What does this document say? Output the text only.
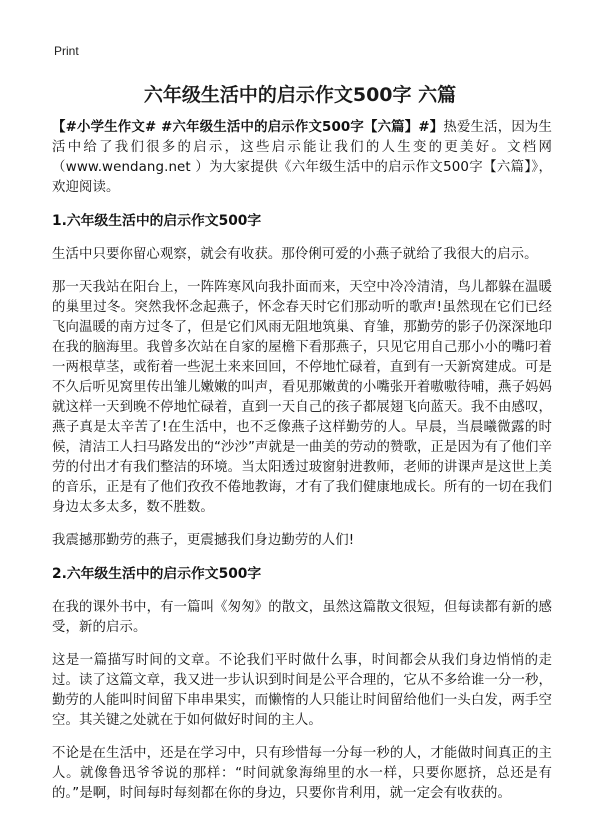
Print
六年级生活中的启示作文500字 六篇

【#小学生作文# #六年级生活中的启示作文500字【六篇】#】热爱生活，因为生活中给了我们很多的启示，这些启示能让我们的人生变的更美好。文档网（www.wendang.net ）为大家提供《六年级生活中的启示作文500字【六篇】》，欢迎阅读。

1.六年级生活中的启示作文500字

生活中只要你留心观察，就会有收获。那伶俐可爱的小燕子就给了我很大的启示。

那一天我站在阳台上，一阵阵寒风向我扑面而来，天空中冷冷清清，鸟儿都躲在温暖的巢里过冬。突然我怀念起燕子，怀念春天时它们那动听的歌声!虽然现在它们已经飞向温暖的南方过冬了，但是它们风雨无阻地筑巢、育雏，那勤劳的影子仍深深地印在我的脑海里。我曾多次站在自家的屋檐下看那燕子，只见它用自己那小小的嘴叼着一两根草茎，或衔着一些泥土来来回回，不停地忙碌着，直到有一天新窝建成。可是不久后听见窝里传出雏儿嫩嫩的叫声，看见那嫩黄的小嘴张开着嗷嗷待哺，燕子妈妈就这样一天到晚不停地忙碌着，直到一天自己的孩子都展翅飞向蓝天。我不由感叹，燕子真是太辛苦了!在生活中，也不乏像燕子这样勤劳的人。早晨，当晨曦微露的时候，清洁工人扫马路发出的“沙沙”声就是一曲美的劳动的赞歌，正是因为有了他们辛劳的付出才有我们整洁的环境。当太阳透过玻窗射进教师，老师的讲课声是这世上美的音乐，正是有了他们孜孜不倦地教诲，才有了我们健康地成长。所有的一切在我们身边太多太多，数不胜数。

我震撼那勤劳的燕子，更震撼我们身边勤劳的人们!

2.六年级生活中的启示作文500字

在我的课外书中，有一篇叫《匆匆》的散文，虽然这篇散文很短，但每读都有新的感受，新的启示。

这是一篇描写时间的文章。不论我们平时做什么事，时间都会从我们身边悄悄的走过。读了这篇文章，我又进一步认识到时间是公平合理的，它从不多给谁一分一秒，勤劳的人能叫时间留下串串果实，而懒惰的人只能让时间留给他们一头白发，两手空空。其关键之处就在于如何做好时间的主人。

不论是在生活中，还是在学习中，只有珍惜每一分每一秒的人，才能做时间真正的主人。就像鲁迅爷爷说的那样：“时间就象海绵里的水一样，只要你愿挤，总还是有的。”是啊，时间每时每刻都在你的身边，只要你肯利用，就一定会有收获的。
